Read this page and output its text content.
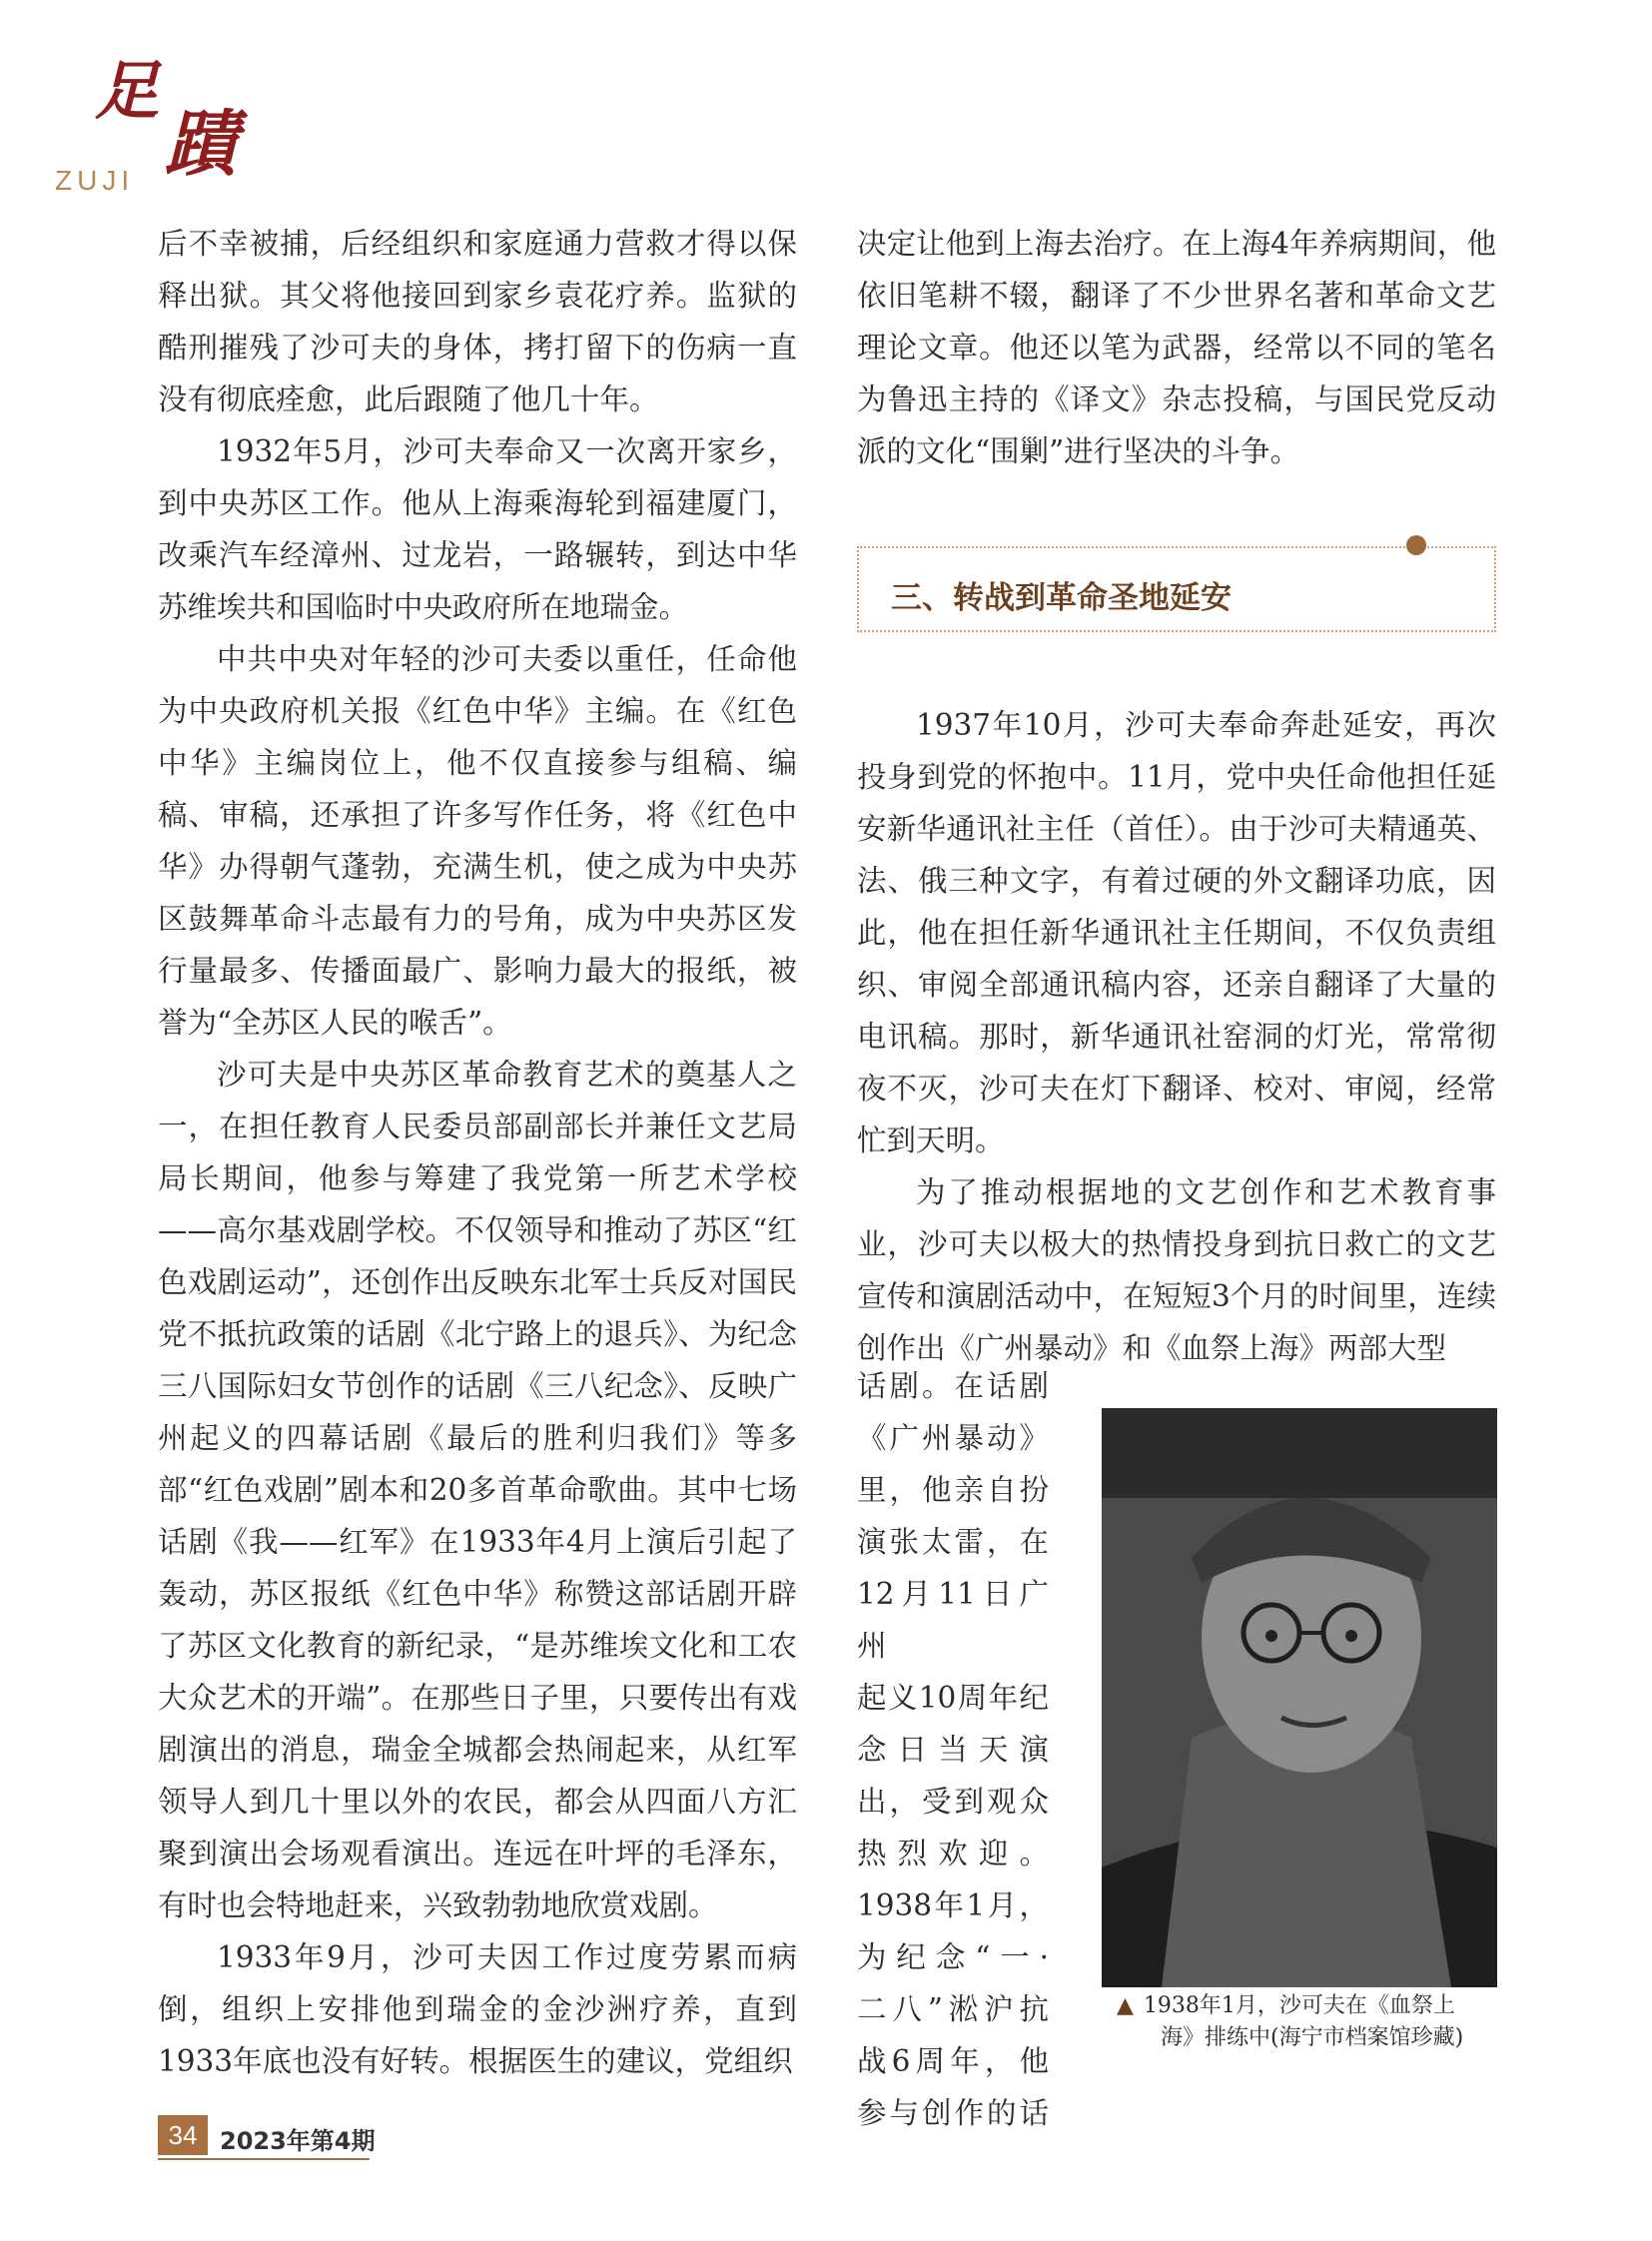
足
蹟
ZUJI

后不幸被捕，后经组织和家庭通力营救才得以保释出狱。其父将他接回到家乡袁花疗养。监狱的酷刑摧残了沙可夫的身体，拷打留下的伤病一直没有彻底痊愈，此后跟随了他几十年。

1932年5月，沙可夫奉命又一次离开家乡，到中央苏区工作。他从上海乘海轮到福建厦门，改乘汽车经漳州、过龙岩，一路辗转，到达中华苏维埃共和国临时中央政府所在地瑞金。

中共中央对年轻的沙可夫委以重任，任命他为中央政府机关报《红色中华》主编。在《红色中华》主编岗位上，他不仅直接参与组稿、编稿、审稿，还承担了许多写作任务，将《红色中华》办得朝气蓬勃，充满生机，使之成为中央苏区鼓舞革命斗志最有力的号角，成为中央苏区发行量最多、传播面最广、影响力最大的报纸，被誉为“全苏区人民的喉舌”。

沙可夫是中央苏区革命教育艺术的奠基人之一，在担任教育人民委员部副部长并兼任文艺局局长期间，他参与筹建了我党第一所艺术学校——高尔基戏剧学校。不仅领导和推动了苏区“红色戏剧运动”，还创作出反映东北军士兵反对国民党不抵抗政策的话剧《北宁路上的退兵》、为纪念三八国际妇女节创作的话剧《三八纪念》、反映广州起义的四幕话剧《最后的胜利归我们》等多部“红色戏剧”剧本和20多首革命歌曲。其中七场话剧《我——红军》在1933年4月上演后引起了轰动，苏区报纸《红色中华》称赞这部话剧开辟了苏区文化教育的新纪录，“是苏维埃文化和工农大众艺术的开端”。在那些日子里，只要传出有戏剧演出的消息，瑞金全城都会热闹起来，从红军领导人到几十里以外的农民，都会从四面八方汇聚到演出会场观看演出。连远在叶坪的毛泽东，有时也会特地赶来，兴致勃勃地欣赏戏剧。

1933年9月，沙可夫因工作过度劳累而病倒，组织上安排他到瑞金的金沙洲疗养，直到1933年底也没有好转。根据医生的建议，党组织

决定让他到上海去治疗。在上海4年养病期间，他依旧笔耕不辍，翻译了不少世界名著和革命文艺理论文章。他还以笔为武器，经常以不同的笔名为鲁迅主持的《译文》杂志投稿，与国民党反动派的文化“围剿”进行坚决的斗争。

三、转战到革命圣地延安

1937年10月，沙可夫奉命奔赴延安，再次投身到党的怀抱中。11月，党中央任命他担任延安新华通讯社主任（首任）。由于沙可夫精通英、法、俄三种文字，有着过硬的外文翻译功底，因此，他在担任新华通讯社主任期间，不仅负责组织、审阅全部通讯稿内容，还亲自翻译了大量的电讯稿。那时，新华通讯社窑洞的灯光，常常彻夜不灭，沙可夫在灯下翻译、校对、审阅，经常忙到天明。

为了推动根据地的文艺创作和艺术教育事业，沙可夫以极大的热情投身到抗日救亡的文艺宣传和演剧活动中，在短短3个月的时间里，连续创作出《广州暴动》和《血祭上海》两部大型

话剧。在话剧
《广州暴动》
里，他亲自扮
演张太雷，在
12月11日广州
起义10周年纪
念日当天演
出，受到观众
热烈欢迎。
1938年1月，
为纪念“一·
二八”淞沪抗
战6周年，他
参与创作的话
▲ 1938年1月，沙可夫在《血祭上
海》排练中(海宁市档案馆珍藏)
34 2023年第4期
